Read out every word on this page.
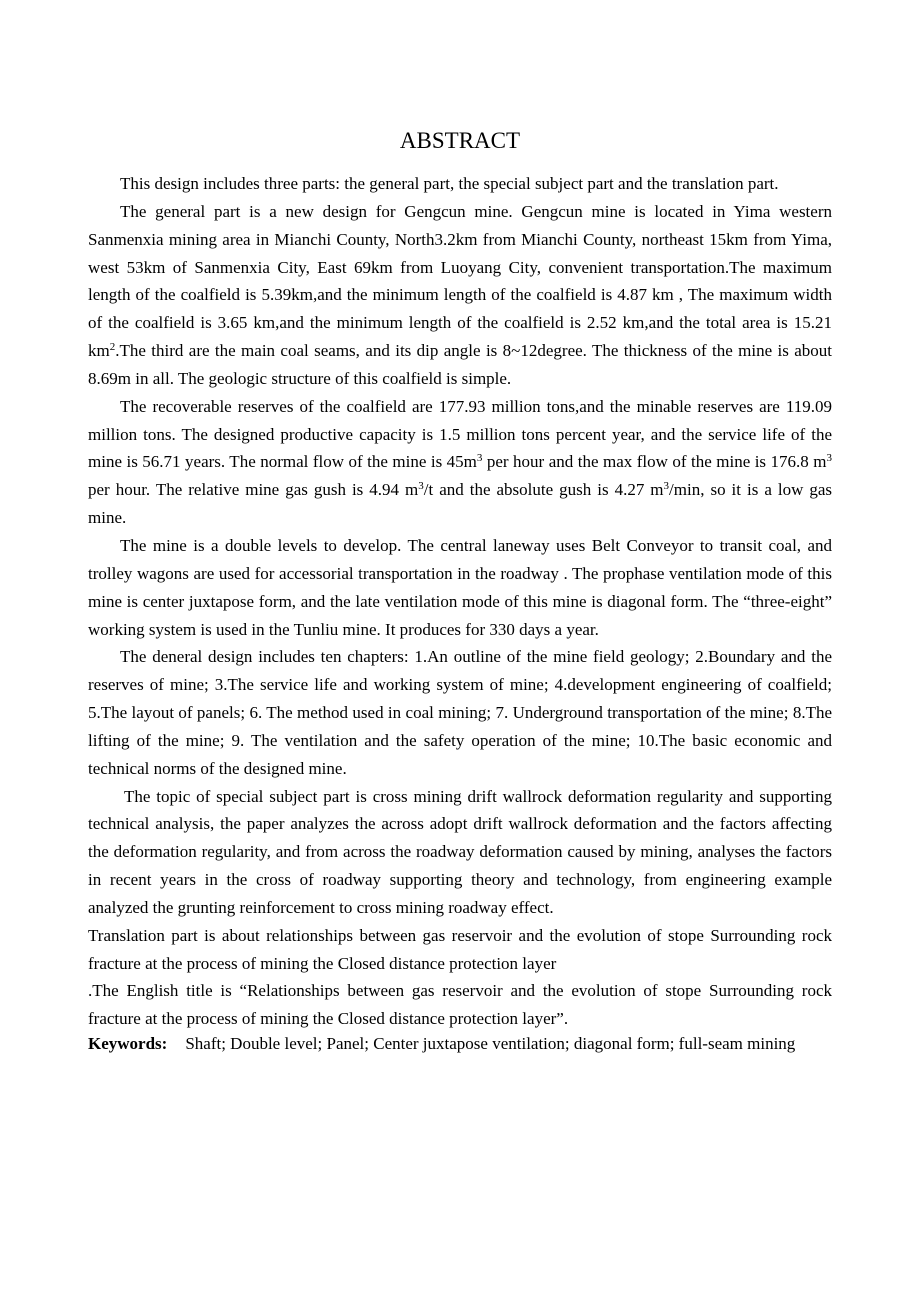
ABSTRACT

This design includes three parts: the general part, the special subject part and the translation part.

The general part is a new design for Gengcun mine. Gengcun mine is located in Yima western Sanmenxia mining area in Mianchi County, North3.2km from Mianchi County, northeast 15km from Yima, west 53km of Sanmenxia City, East 69km from Luoyang City, convenient transportation.The maximum length of the coalfield is 5.39km,and the minimum length of the coalfield is 4.87 km , The maximum width of the coalfield is 3.65 km,and the minimum length of the coalfield is 2.52 km,and the total area is 15.21 $km^2.The$ third are the main coal seams, and its dip angle is 8~12degree. The thickness of the mine is about 8.69m in all. The geologic structure of this coalfield is simple.

The recoverable reserves of the coalfield are 177.93 million tons,and the minable reserves are 119.09 million tons. The designed productive capacity is 1.5 million tons percent year, and the service life of the mine is 56.71 years. The normal flow of the mine is $45m^3$ per hour and the max flow of the mine is 176.8 $m^3$ per hour. The relative mine gas gush is 4.94 $m^3/t$ and the absolute gush is 4.27 $m^3/\min$, so it is a low gas mine.

The mine is a double levels to develop. The central laneway uses Belt Conveyor to transit coal, and trolley wagons are used for accessorial transportation in the roadway . The prophase ventilation mode of this mine is center juxtapose form, and the late ventilation mode of this mine is diagonal form. The “three-eight” working system is used in the Tunliu mine. It produces for 330 days a year.

The deneral design includes ten chapters: 1.An outline of the mine field geology; 2.Boundary and the reserves of mine; 3.The service life and working system of mine; 4.development engineering of coalfield; 5.The layout of panels; 6. The method used in coal mining; 7. Underground transportation of the mine; 8.The lifting of the mine; 9. The ventilation and the safety operation of the mine; 10.The basic economic and technical norms of the designed mine.

The topic of special subject part is cross mining drift wallrock deformation regularity and supporting technical analysis, the paper analyzes the across adopt drift wallrock deformation and the factors affecting the deformation regularity, and from across the roadway deformation caused by mining, analyses the factors in recent years in the cross of roadway supporting theory and technology, from engineering example analyzed the grunting reinforcement to cross mining roadway effect.

Translation part is about relationships between gas reservoir and the evolution of stope Surrounding rock fracture at the process of mining the Closed distance protection layer

.The English title is “Relationships between gas reservoir and the evolution of stope Surrounding rock fracture at the process of mining the Closed distance protection layer”.

Keywords: Shaft; Double level; Panel; Center juxtapose ventilation; diagonal form; full-seam mining
